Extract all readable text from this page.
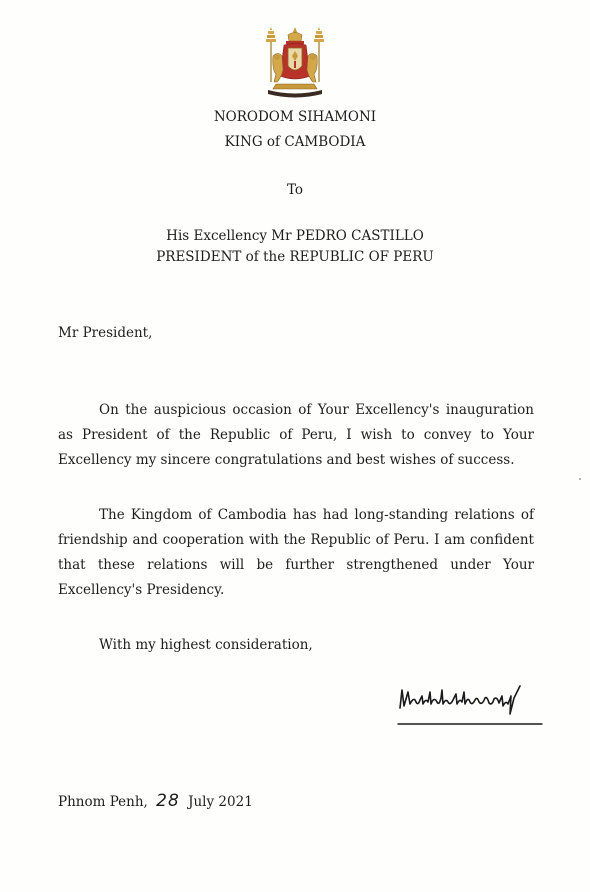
NORODOM SIHAMONI
KING of CAMBODIA
To
His Excellency Mr PEDRO CASTILLO
PRESIDENT of the REPUBLIC OF PERU
Mr President,

On the auspicious occasion of Your Excellency's inauguration as President of the Republic of Peru, I wish to convey to Your Excellency my sincere congratulations and best wishes of success.

The Kingdom of Cambodia has had long-standing relations of friendship and cooperation with the Republic of Peru. I am confident that these relations will be further strengthened under Your Excellency's Presidency.

With my highest consideration,
Phnom Penh, 28 July 2021
